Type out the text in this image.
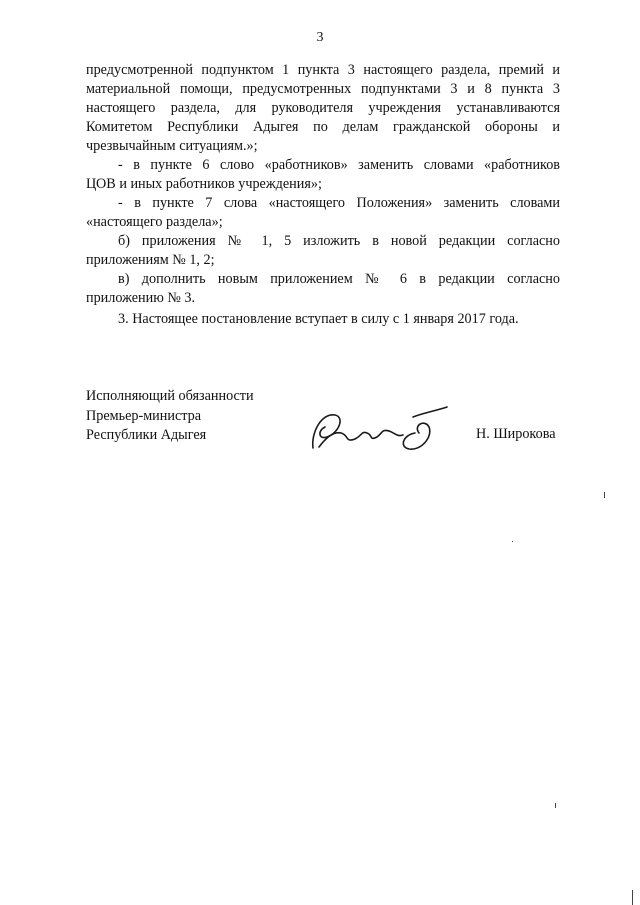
3

предусмотренной подпунктом 1 пункта 3 настоящего раздела, премий и

материальной помощи, предусмотренных подпунктами 3 и 8 пункта 3

настоящего раздела, для руководителя учреждения устанавливаются

Комитетом Республики Адыгея по делам гражданской обороны и

чрезвычайным ситуациям.»;

- в пункте 6 слово «работников» заменить словами «работников

ЦОВ и иных работников учреждения»;

- в пункте 7 слова «настоящего Положения» заменить словами

«настоящего раздела»;

б) приложения № 1, 5 изложить в новой редакции согласно

приложениям № 1, 2;

в) дополнить новым приложением № 6 в редакции согласно

приложению № 3.

3. Настоящее постановление вступает в силу с 1 января 2017 года.

Исполняющий обязанности
Премьер-министра
Республики Адыгея	Н. Широкова
